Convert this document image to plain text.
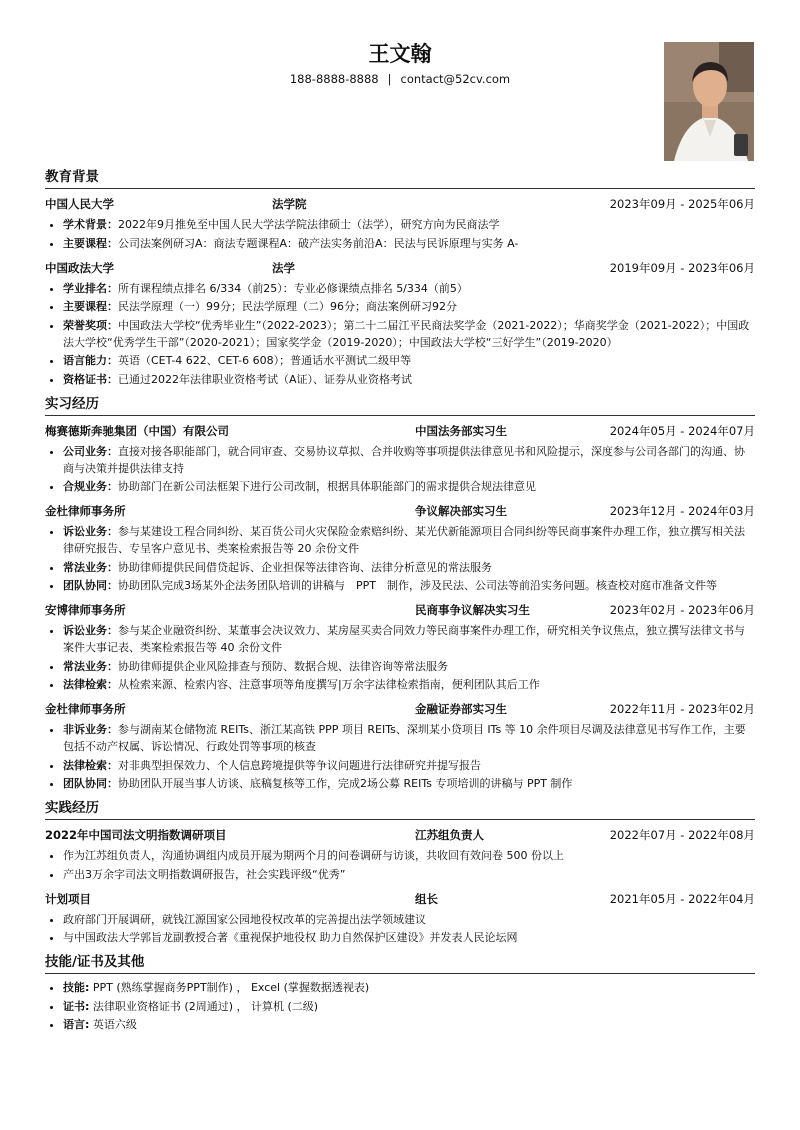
王文翰
188-8888-8888 | contact@52cv.com
教育背景
中国人民大学	法学院	2023年09月 - 2025年06月
• 学术背景：2022年9月推免至中国人民大学法学院法律硕士（法学），研究方向为民商法学
• 主要课程：公司法案例研习A：商法专题课程A：破产法实务前沿A：民法与民诉原理与实务 A-
中国政法大学	法学	2019年09月 - 2023年06月
• 学业排名：所有课程绩点排名 6/334（前25）：专业必修课绩点排名 5/334（前5）
• 主要课程：民法学原理（一）99分；民法学原理（二）96分；商法案例研习92分
• 荣誉奖项：中国政法大学校“优秀毕业生”（2022-2023）；第二十二届江平民商法奖学金（2021-2022）；华商奖学金（2021-2022）；中国政法大学校“优秀学生干部”（2020-2021）；国家奖学金（2019-2020）；中国政法大学校“三好学生”（2019-2020）
• 语言能力：英语（CET-4 622、CET-6 608）；普通话水平测试二级甲等
• 资格证书：已通过2022年法律职业资格考试（A证）、证券从业资格考试
实习经历
梅赛德斯奔驰集团（中国）有限公司	中国法务部实习生	2024年05月 - 2024年07月
• 公司业务：直接对接各职能部门，就合同审查、交易协议草拟、合并收购等事项提供法律意见书和风险提示，深度参与公司各部门的沟通、协商与决策并提供法律支持
• 合规业务：协助部门在新公司法框架下进行公司改制，根据具体职能部门的需求提供合规法律意见
金杜律师事务所	争议解决部实习生	2023年12月 - 2024年03月
• 诉讼业务：参与某建设工程合同纠纷、某百货公司火灾保险金索赔纠纷、某光伏新能源项目合同纠纷等民商事案件办理工作，独立撰写相关法律研究报告、专呈客户意见书、类案检索报告等 20 余份文件
• 常法业务：协助律师提供民间借贷起诉、企业担保等法律咨询、法律分析意见的常法服务
• 团队协同：协助团队完成3场某外企法务团队培训的讲稿与　PPT　制作，涉及民法、公司法等前沿实务问题。核查校对庭市准备文件等
安博律师事务所	民商事争议解决实习生	2023年02月 - 2023年06月
• 诉讼业务：参与某企业融资纠纷、某董事会决议效力、某房屋买卖合同效力等民商事案件办理工作，研究相关争议焦点，独立撰写法律文书与案件大事记表、类案检索报告等 40 余份文件
• 常法业务：协助律师提供企业风险排查与预防、数据合规、法律咨询等常法服务
• 法律检索：从检索来源、检索内容、注意事项等角度撰写|万余字法律检索指南，便利团队其后工作
金杜律师事务所	金融证券部实习生	2022年11月 - 2023年02月
• 非诉业务：参与湖南某仓储物流 REITs、浙江某高铁 PPP 项目 REITs、深圳某小贷项目 ITs 等 10 余件项目尽调及法律意见书写作工作，主要包括不动产权属、诉讼情况、行政处罚等事项的核查
• 法律检索：对非典型担保效力、个人信息跨境提供等争议问题进行法律研究并提写报告
• 团队协同：协助团队开展当事人访谈、底稿复核等工作，完成2场公募 REITs 专项培训的讲稿与 PPT 制作
实践经历
2022年中国司法文明指数调研项目	江苏组负责人	2022年07月 - 2022年08月
• 作为江苏组负责人，沟通协调组内成员开展为期两个月的问卷调研与访谈，共收回有效问卷 500 份以上
• 产出3万余字司法文明指数调研报告，社会实践评级“优秀”
计划项目	组长	2021年05月 - 2022年04月
• 政府部门开展调研，就钱江源国家公园地役权改革的完善提出法学领域建议
• 与中国政法大学郭旨龙副教授合著《重视保护地役权 助力自然保护区建设》并发表人民论坛网
技能/证书及其他
• 技能: PPT (熟练掌握商务PPT制作) ， Excel (掌握数据透视表)
• 证书: 法律职业资格证书 (2周通过) ， 计算机 (二级)
• 语言: 英语六级
